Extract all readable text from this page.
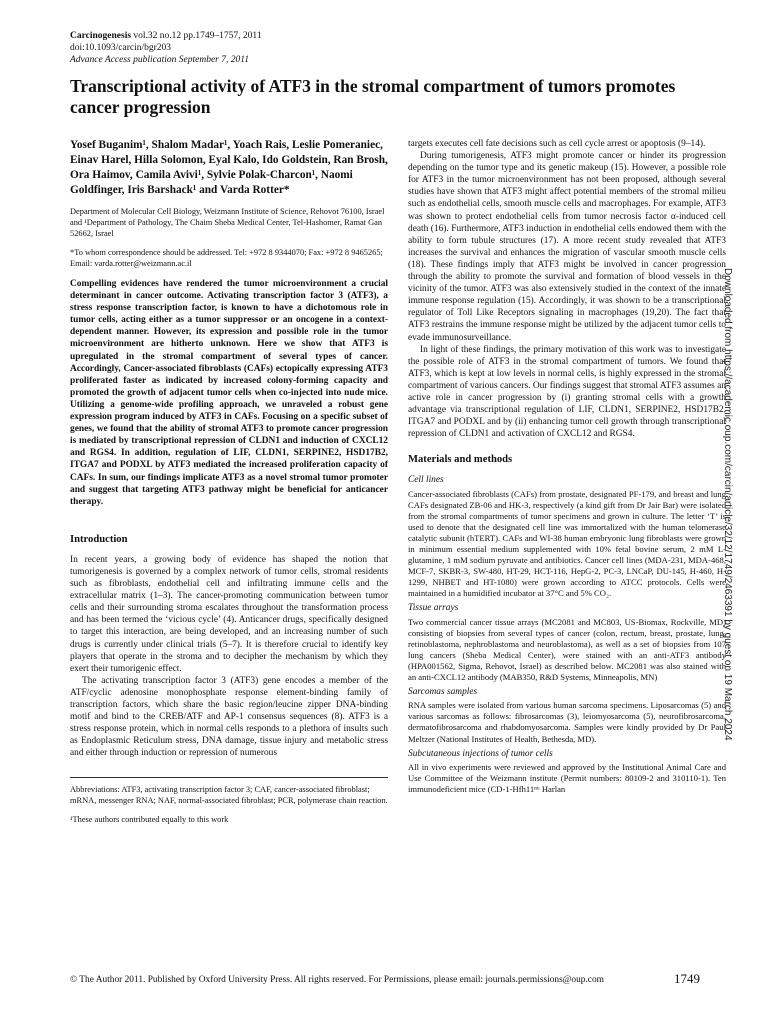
Carcinogenesis vol.32 no.12 pp.1749–1757, 2011
doi:10.1093/carcin/bgr203
Advance Access publication September 7, 2011
Transcriptional activity of ATF3 in the stromal compartment of tumors promotes cancer progression
Yosef Buganim¹, Shalom Madar¹, Yoach Rais, Leslie Pomeraniec, Einav Harel, Hilla Solomon, Eyal Kalo, Ido Goldstein, Ran Brosh, Ora Haimov, Camila Avivi¹, Sylvie Polak-Charcon¹, Naomi Goldfinger, Iris Barshack¹ and Varda Rotter*
Department of Molecular Cell Biology, Weizmann Institute of Science, Rehovot 76100, Israel and ¹Department of Pathology, The Chaim Sheba Medical Center, Tel-Hashomer, Ramat Gan 52662, Israel
*To whom correspondence should be addressed. Tel: +972 8 9344070; Fax: +972 8 9465265; Email: varda.rotter@weizmann.ac.il
Compelling evidences have rendered the tumor microenvironment a crucial determinant in cancer outcome. Activating transcription factor 3 (ATF3), a stress response transcription factor, is known to have a dichotomous role in tumor cells, acting either as a tumor suppressor or an oncogene in a context-dependent manner. However, its expression and possible role in the tumor microenvironment are hitherto unknown. Here we show that ATF3 is upregulated in the stromal compartment of several types of cancer. Accordingly, Cancer-associated fibroblasts (CAFs) ectopically expressing ATF3 proliferated faster as indicated by increased colony-forming capacity and promoted the growth of adjacent tumor cells when co-injected into nude mice. Utilizing a genome-wide profiling approach, we unraveled a robust gene expression program induced by ATF3 in CAFs. Focusing on a specific subset of genes, we found that the ability of stromal ATF3 to promote cancer progression is mediated by transcriptional repression of CLDN1 and induction of CXCL12 and RGS4. In addition, regulation of LIF, CLDN1, SERPINE2, HSD17B2, ITGA7 and PODXL by ATF3 mediated the increased proliferation capacity of CAFs. In sum, our findings implicate ATF3 as a novel stromal tumor promoter and suggest that targeting ATF3 pathway might be beneficial for anticancer therapy.
Introduction

In recent years, a growing body of evidence has shaped the notion that tumorigenesis is governed by a complex network of tumor cells, stromal residents such as fibroblasts, endothelial cell and infiltrating immune cells and the extracellular matrix (1–3). The cancer-promoting communication between tumor cells and their surrounding stroma escalates throughout the transformation process and has been termed the ‘vicious cycle’ (4). Anticancer drugs, specifically designed to target this interaction, are being developed, and an increasing number of such drugs is currently under clinical trials (5–7). It is therefore crucial to identify key players that operate in the stroma and to decipher the mechanism by which they exert their tumorigenic effect.

The activating transcription factor 3 (ATF3) gene encodes a member of the ATF/cyclic adenosine monophosphate response element-binding family of transcription factors, which share the basic region/leucine zipper DNA-binding motif and bind to the CREB/ATF and AP-1 consensus sequences (8). ATF3 is a stress response protein, which in normal cells responds to a plethora of insults such as Endoplasmic Reticulum stress, DNA damage, tissue injury and metabolic stress and either through induction or repression of numerous

Abbreviations: ATF3, activating transcription factor 3; CAF, cancer-associated fibroblast; mRNA, messenger RNA; NAF, normal-associated fibroblast; PCR, polymerase chain reaction.
¹These authors contributed equally to this work

targets executes cell fate decisions such as cell cycle arrest or apoptosis (9–14).

During tumorigenesis, ATF3 might promote cancer or hinder its progression depending on the tumor type and its genetic makeup (15). However, a possible role for ATF3 in the tumor microenvironment has not been proposed, although several studies have shown that ATF3 might affect potential members of the stromal milieu such as endothelial cells, smooth muscle cells and macrophages. For example, ATF3 was shown to protect endothelial cells from tumor necrosis factor α-induced cell death (16). Furthermore, ATF3 induction in endothelial cells endowed them with the ability to form tubule structures (17). A more recent study revealed that ATF3 increases the survival and enhances the migration of vascular smooth muscle cells (18). These findings imply that ATF3 might be involved in cancer progression through the ability to promote the survival and formation of blood vessels in the vicinity of the tumor. ATF3 was also extensively studied in the context of the innate immune response regulation (15). Accordingly, it was shown to be a transcriptional regulator of Toll Like Receptors signaling in macrophages (19,20). The fact that ATF3 restrains the immune response might be utilized by the adjacent tumor cells to evade immunosurveillance.

In light of these findings, the primary motivation of this work was to investigate the possible role of ATF3 in the stromal compartment of tumors. We found that ATF3, which is kept at low levels in normal cells, is highly expressed in the stromal compartment of various cancers. Our findings suggest that stromal ATF3 assumes an active role in cancer progression by (i) granting stromal cells with a growth advantage via transcriptional regulation of LIF, CLDN1, SERPINE2, HSD17B2, ITGA7 and PODXL and by (ii) enhancing tumor cell growth through transcriptional repression of CLDN1 and activation of CXCL12 and RGS4.

Materials and methods
Cell lines

Cancer-associated fibroblasts (CAFs) from prostate, designated PF-179, and breast and lung CAFs designated ZB-06 and HK-3, respectively (a kind gift from Dr Jair Bar) were isolated from the stromal compartments of tumor specimens and grown in culture. The letter ‘T’ is used to denote that the designated cell line was immortalized with the human telomerase catalytic subunit (hTERT). CAFs and WI-38 human embryonic lung fibroblasts were grown in minimum essential medium supplemented with 10% fetal bovine serum, 2 mM L-glutamine, 1 mM sodium pyruvate and antibiotics. Cancer cell lines (MDA-231, MDA-468, MCF-7, SKBR-3, SW-480, HT-29, HCT-116, HepG-2, PC-3, LNCaP, DU-145, H-460, H-1299, NHBET and HT-1080) were grown according to ATCC protocols. Cells were maintained in a humidified incubator at 37°C and 5% CO₂.

Tissue arrays

Two commercial cancer tissue arrays (MC2081 and MC803, US-Biomax, Rockville, MD) consisting of biopsies from several types of cancer (colon, rectum, breast, prostate, lung, retinoblastoma, nephroblastoma and neuroblastoma), as well as a set of biopsies from 107 lung cancers (Sheba Medical Center), were stained with an anti-ATF3 antibody (HPA001562, Sigma, Rehovot, Israel) as described below. MC2081 was also stained with an anti-CXCL12 antibody (MAB350, R&D Systems, Minneapolis, MN)

Sarcomas samples

RNA samples were isolated from various human sarcoma specimens. Liposarcomas (5) and various sarcomas as follows: fibrosarcomas (3), leiomyosarcoma (5), neurofibrosarcoma, dermatofibrosarcoma and rhabdomyosarcoma. Samples were kindly provided by Dr Paul Meltzer (National Institutes of Health, Bethesda, MD).

Subcutaneous injections of tumor cells

All in vivo experiments were reviewed and approved by the Institutional Animal Care and Use Committee of the Weizmann institute (Permit numbers: 80109-2 and 310110-1). Ten immunodeficient mice (CD-1-Hfh11ⁿᵘ Harlan

© The Author 2011. Published by Oxford University Press. All rights reserved. For Permissions, please email: journals.permissions@oup.com	1749
Downloaded from https://academic.oup.com/carcin/article/32/12/1749/2463391 by guest on 19 March 2024
